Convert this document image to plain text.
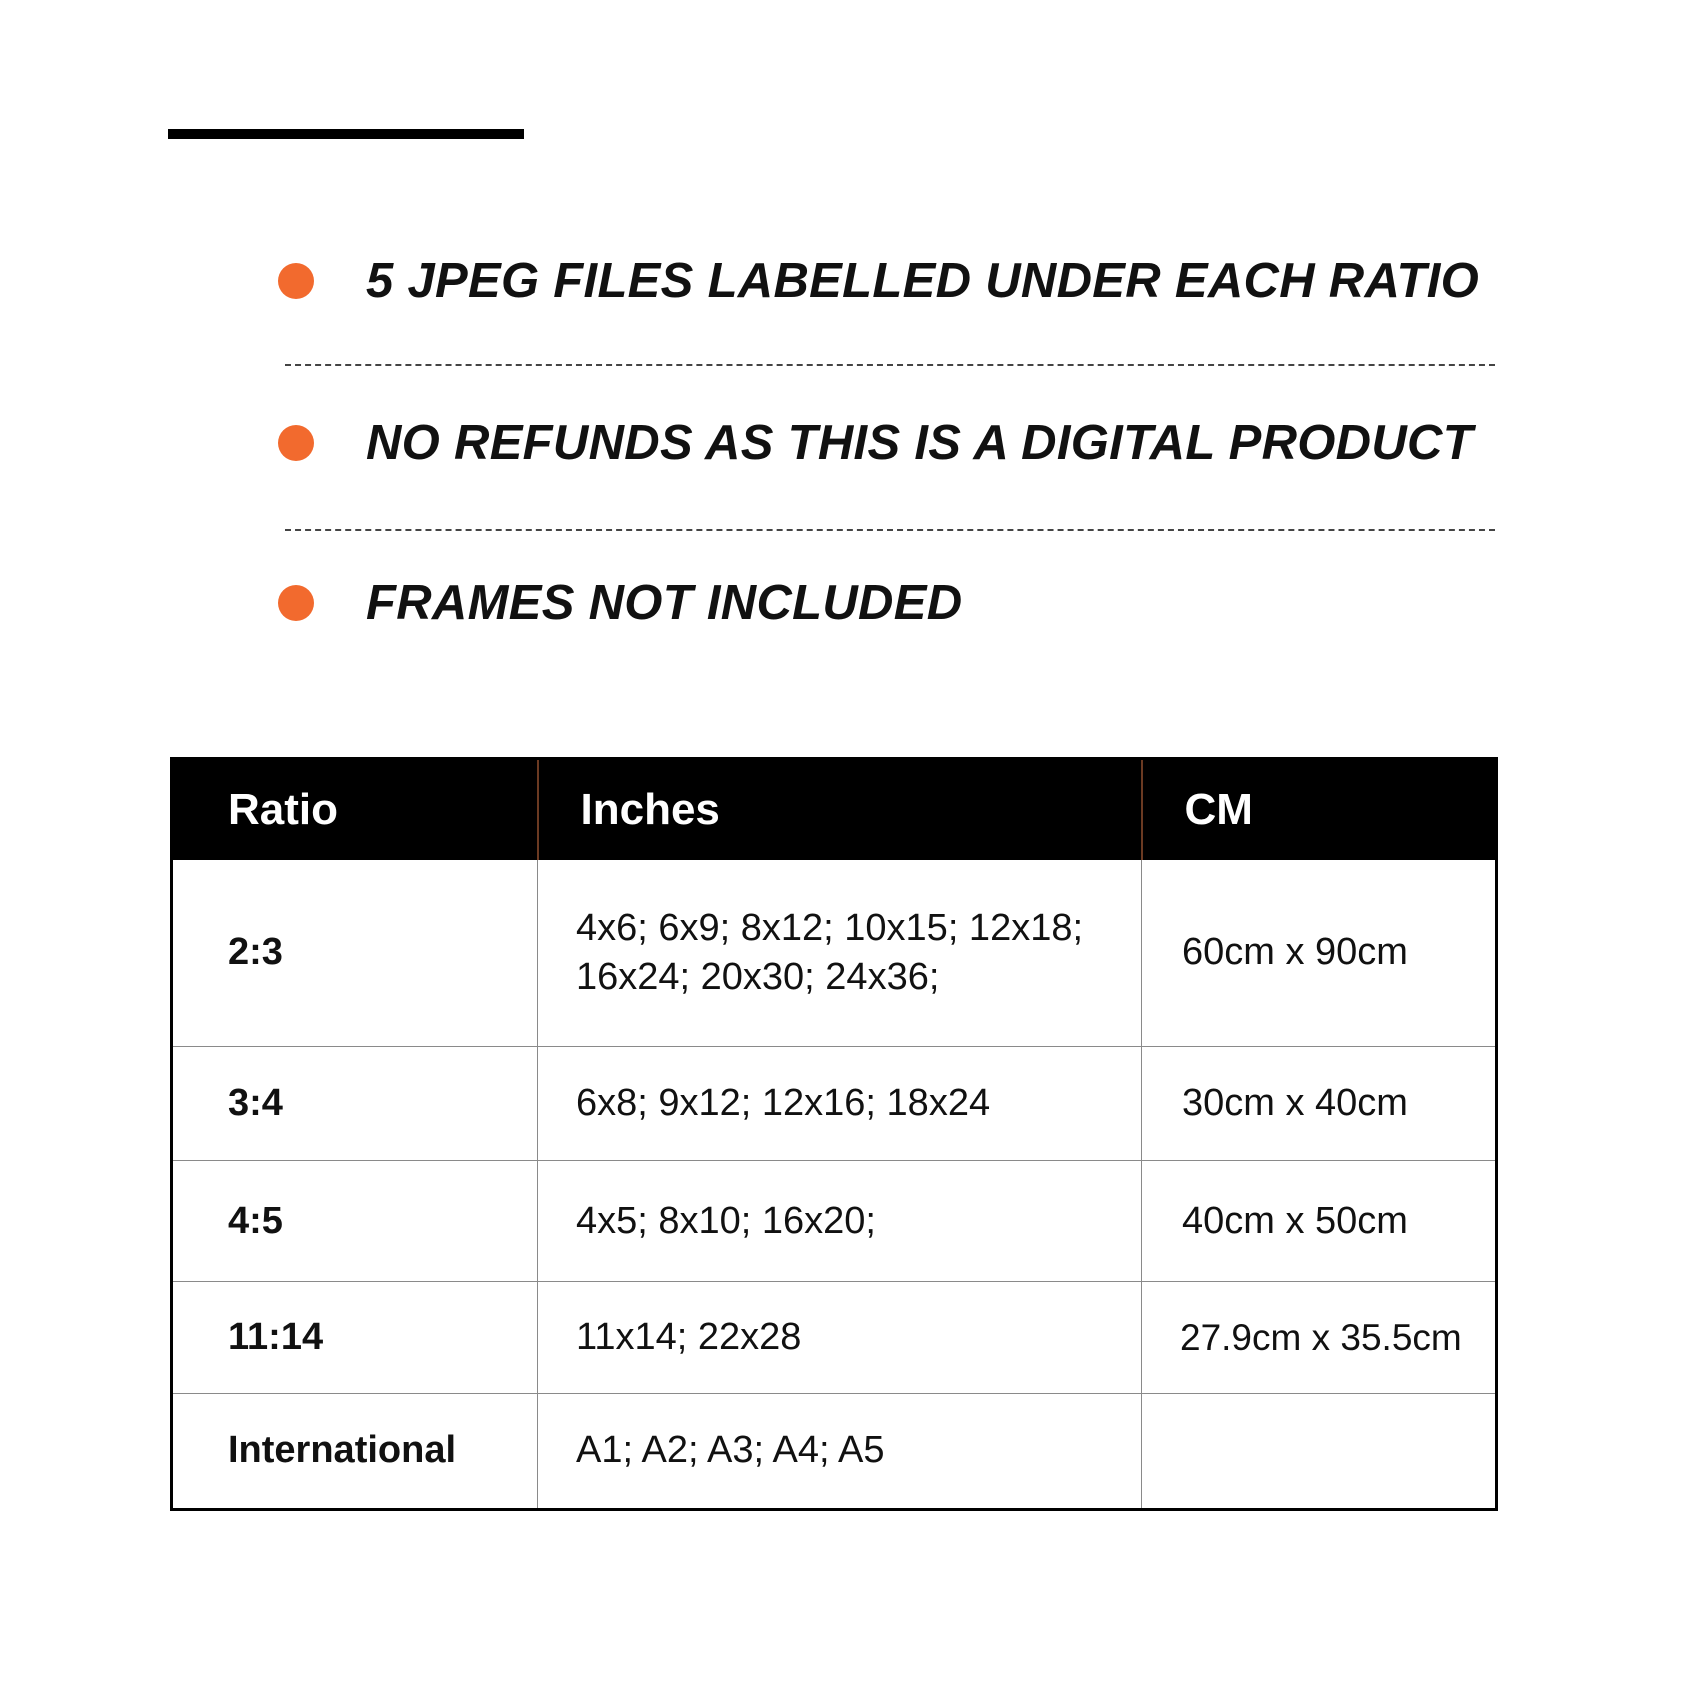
5 JPEG FILES LABELLED UNDER EACH RATIO
NO REFUNDS AS THIS IS A DIGITAL PRODUCT
FRAMES NOT INCLUDED
Ratio	Inches	CM
2:3	4x6; 6x9; 8x12; 10x15; 12x18; 16x24; 20x30; 24x36;	60cm x 90cm
3:4	6x8; 9x12; 12x16; 18x24	30cm x 40cm
4:5	4x5; 8x10; 16x20;	40cm x 50cm
11:14	11x14; 22x28	27.9cm x 35.5cm
International	A1; A2; A3; A4; A5	
